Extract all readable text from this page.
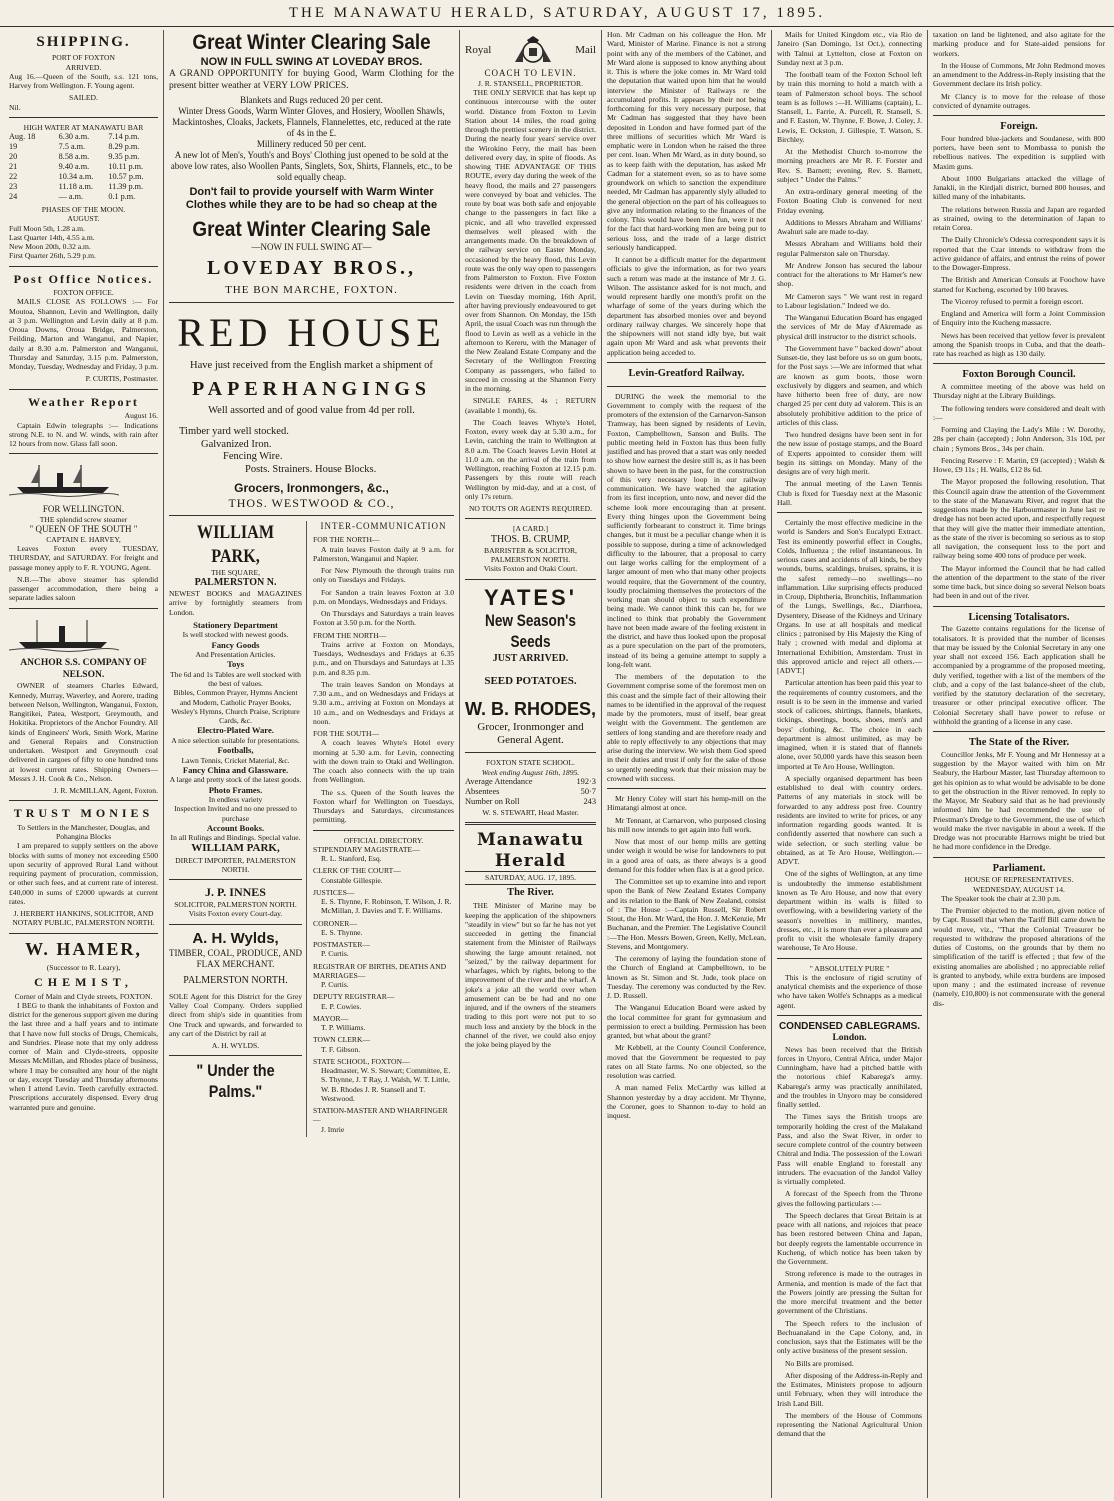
THE MANAWATU HERALD, SATURDAY, AUGUST 17, 1895.
SHIPPING.
PORT OF FOXTON
ARRIVED.

Aug 16.—Queen of the South, s.s. 121 tons, Harvey from Wellington. F. Young agent.

SAILED.

Nil.

HIGH WATER AT MANAWATU BAR
Aug. 18	6.30 a.m.	7.14 p.m.
19	7.5 a.m.	8.29 p.m.
20	8.58 a.m.	9.35 p.m.
21	9.40 a.m.	10.11 p.m.
22	10.34 a.m.	10.57 p.m.
23	11.18 a.m.	11.39 p.m.
24	— a.m.	0.1 p.m.
PHASES OF THE MOON.
AUGUST.
Full Moon 5th, 1.28 a.m.
Last Quarter 14th, 4.55 a.m.
New Moon 20th, 0.32 a.m.
First Quarter 26th, 5.29 p.m.
Post Office Notices.
FOXTON OFFICE.

MAILS CLOSE AS FOLLOWS :— For Moutoa, Shannon, Levin and Wellington, daily at 3 p.m. Wellington and Levin daily at 8 p.m. Oroua Downs, Oroua Bridge, Palmerston, Feilding, Marton and Wanganui, and Napier, daily at 8.30 a.m. Palmerston and Wanganui, Thursday and Saturday, 3.15 p.m. Palmerston, Monday, Tuesday, Wednesday and Friday, 3 p.m.

P. CURTIS, Postmaster.
Weather Report
August 16.

Captain Edwin telegraphs :— Indications strong N.E. to N. and W. winds, with rain after 12 hours from now. Glass fall soon.

FOR WELLINGTON.
THE splendid screw steamer
" QUEEN OF THE SOUTH "
CAPTAIN E. HARVEY,

Leaves Foxton every TUESDAY, THURSDAY, and SATURDAY. For freight and passage money apply to F. R. YOUNG, Agent.

N.B.—The above steamer has splendid passenger accommodation, there being a separate ladies saloon

ANCHOR S.S. COMPANY OF NELSON.

OWNER of steamers Charles Edward, Kennedy, Murray, Waverley, and Aorere, trading between Nelson, Wellington, Wanganui, Foxton, Rangitikei, Patea, Westport, Greymouth, and Hokitika. Proprietors of the Anchor Foundry. All kinds of Engineers' Work, Smith Work, Marine and General Repairs and Construction undertaken. Westport and Greymouth coal delivered in cargoes of fifty to one hundred tons at lowest current rates. Shipping Owners— Messrs J. H. Cook & Co., Nelson.

J. R. McMILLAN, Agent, Foxton.
TRUST MONIES
To Settlers in the Manchester, Douglas, and Pohangina Blocks

I am prepared to supply settlers on the above blocks with sums of money not exceeding £500 upon security of approved Rural Land without requiring payment of procuration, commission, or other such fees, and at current rate of interest. £40,000 in sums of £2000 upwards at current rates.

J. HERBERT HANKINS, SOLICITOR, AND NOTARY PUBLIC, PALMERSTON NORTH.
W. HAMER,
(Successor to R. Leary),
CHEMIST,
Corner of Main and Clyde streets, FOXTON.

I BEG to thank the inhabitants of Foxton and district for the generous support given me during the last three and a half years and to intimate that I have now full stocks of Drugs, Chemicals, and Sundries. Please note that my only address corner of Main and Clyde-streets, opposite Messrs McMillan, and Rhodes place of business, where I may be consulted any hour of the night or day, except Tuesday and Thursday afternoons when I attend Levin. Teeth carefully extracted. Prescriptions accurately dispensed. Every drug warranted pure and genuine.

Great Winter Clearing Sale
NOW IN FULL SWING AT LOVEDAY BROS.

A GRAND OPPORTUNITY for buying Good, Warm Clothing for the present bitter weather at VERY LOW PRICES.

Blankets and Rugs reduced 20 per cent.
Winter Dress Goods, Warm Winter Gloves, and Hosiery, Woollen Shawls, Mackintoshes, Cloaks, Jackets, Flannels, Flannelettes, etc, reduced at the rate of 4s in the £.
Millinery reduced 50 per cent.
A new lot of Men's, Youth's and Boys' Clothing just opened to be sold at the above low rates, also Woollen Pants, Singlets, Sox, Shirts, Flannels, etc., to be sold equally cheap.
Don't fail to provide yourself with Warm Winter Clothes while they are to be had so cheap at the
Great Winter Clearing Sale
—NOW IN FULL SWING AT—
LOVEDAY BROS.,
THE BON MARCHE, FOXTON.
RED HOUSE
Have just received from the English market a shipment of
PAPERHANGINGS
Well assorted and of good value from 4d per roll.
Timber yard well stocked.
Galvanized Iron.
Fencing Wire.
Posts. Strainers. House Blocks.
Grocers, Ironmongers, &c.,
THOS. WESTWOOD & CO.,
WILLIAM PARK,
THE SQUARE,
PALMERSTON N.

NEWEST BOOKS and MAGAZINES arrive by fortnightly steamers from London.

Stationery Department
Is well stocked with newest goods.
Fancy Goods
And Presentation Articles.
Toys
The 6d and 1s Tables are well stocked with the best of values.
Bibles, Common Prayer, Hymns Ancient and Modern, Catholic Prayer Books, Wesley's Hymns, Church Praise, Scripture Cards, &c.
Electro-Plated Ware.
A nice selection suitable for presentations.
Footballs,
Lawn Tennis, Cricket Material, &c.
Fancy China and Glassware.
A large and pretty stock of the latest goods.
Photo Frames.
In endless variety
Inspection Invited and no one pressed to purchase
Account Books.
In all Rulings and Bindings. Special value.
WILLIAM PARK,
DIRECT IMPORTER, PALMERSTON NORTH.
J. P. INNES
SOLICITOR, PALMERSTON NORTH. Visits Foxton every Court-day.
A. H. Wylds,
TIMBER, COAL, PRODUCE, AND FLAX MERCHANT.
PALMERSTON NORTH.

SOLE Agent for this District for the Grey Valley Coal Company. Orders supplied direct from ship's side in quantities from One Truck and upwards, and forwarded to any cart of the District by rail at

A. H. WYLDS.
" Under the Palms."
INTER-COMMUNICATION
FOR THE NORTH—

A train leaves Foxton daily at 9 a.m. for Palmerston, Wanganui and Napier.

For New Plymouth the through trains run only on Tuesdays and Fridays.

For Sandon a train leaves Foxton at 3.0 p.m. on Mondays, Wednesdays and Fridays.

On Thursdays and Saturdays a train leaves Foxton at 3.50 p.m. for the North.

FROM THE NORTH—

Trains arrive at Foxton on Mondays, Tuesdays, Wednesdays and Fridays at 6.35 p.m., and on Thursdays and Saturdays at 1.35 p.m. and 8.35 p.m.

The train leaves Sandon on Mondays at 7.30 a.m., and on Wednesdays and Fridays at 9.30 a.m., arriving at Foxton on Mondays at 10 a.m., and on Wednesdays and Fridays at noon.

FOR THE SOUTH—

A coach leaves Whyte's Hotel every morning at 5.30 a.m. for Levin, connecting with the down train to Otaki and Wellington. The coach also connects with the up train from Wellington.

The s.s. Queen of the South leaves the Foxton wharf for Wellington on Tuesdays, Thursdays and Saturdays, circumstances permitting.

OFFICIAL DIRECTORY.
STIPENDIARY MAGISTRATE—
R. L. Stanford, Esq.
CLERK OF THE COURT—
Constable Gillespie.
JUSTICES—
E. S. Thynne, F. Robinson, T. Wilson, J. R. McMillan, J. Davies and T. F. Williams.
CORONER—
E. S. Thynne.
POSTMASTER—
P. Curtis.
REGISTRAR OF BIRTHS, DEATHS AND MARRIAGES—
P. Curtis.
DEPUTY REGISTRAR—
E. P. Cowies.
MAYOR—
T. P. Williams.
TOWN CLERK—
T. F. Gibson.
STATE SCHOOL, FOXTON—
Headmaster, W. S. Stewart; Committee, E. S. Thynne, J. T Ray, J. Walsh, W. T. Little, W. B. Rhodes J. R. Stansell and T. Westwood.
STATION-MASTER AND WHARFINGER—
J. Imrie
Royal	Mail
COACH TO LEVIN.
J. R. STANSELL, PROPRIETOR.

THE ONLY SERVICE that has kept up continuous intercourse with the outer world. Distance from Foxton to Levin Station about 14 miles, the road going through the prettiest scenery in the district. During the nearly four years' service over the Wirokino Ferry, the mail has been delivered every day, in spite of floods. As showing THE ADVANTAGE OF THIS ROUTE, every day during the week of the heavy flood, the mails and 27 passengers were conveyed by boat and vehicles. The route by boat was both safe and enjoyable change to the passengers in fact like a picnic, and all who travelled expressed themselves well pleased with the arrangements made. On the breakdown of the railway service on Easter Monday, occasioned by the heavy flood, this Levin route was the only way open to passengers from Palmerston to Foxton. Five Foxton residents were driven in the coach from Levin on Tuesday morning, 16th April, after having previously endeavoured to get over from Shannon. On Monday, the 15th April, the usual Coach was run through the flood to Levin as well as a vehicle in the afternoon to Kereru, with the Manager of the New Zealand Estate Company and the Secretary of the Wellington Freezing Company as passengers, who failed to succeed in crossing at the Shannon Ferry in the morning.

SINGLE FARES, 4s ; RETURN (available 1 month), 6s.

The Coach leaves Whyte's Hotel, Foxton, every week day at 5.30 a.m., for Levin, catching the train to Wellington at 8.0 a.m. The Coach leaves Levin Hotel at 11.0 a.m. on the arrival of the train from Wellington, reaching Foxton at 12.15 p.m. Passengers by this route will reach Wellington by mid-day, and at a cost, of only 17s return.

NO TOUTS OR AGENTS REQUIRED.
[A CARD.]
THOS. B. CRUMP,
BARRISTER & SOLICITOR, PALMERSTON NORTH.
Visits Foxton and Otaki Court.
YATES'
New Season's Seeds
JUST ARRIVED.
SEED POTATOES.
W. B. RHODES,
Grocer, Ironmonger and General Agent.
FOXTON STATE SCHOOL.
Week ending August 16th, 1895.
Average Attendance	192·3
Absentees	50·7
Number on Roll	243
W. S. STEWART, Head Master.
Manawatu Herald
SATURDAY, AUG. 17, 1895.
The River.

THE Minister of Marine may be keeping the application of the shipowners "steadily in view" but so far he has not yet succeeded in getting the financial statement from the Minister of Railways showing the large amount retained, not "seized," by the railway department for wharfages, which by rights, belong to the improvement of the river and the wharf. A joke's a joke all the world over when amusement can be be had and no one injured, and if the owners of the steamers trading to this port were not put to so much loss and anxiety by the block in the channel of the river, we could also enjoy the joke being played by the

Hon. Mr Cadman on his colleague the Hon. Mr Ward, Minister of Marine. Finance is not a strong point with any of the members of the Cabinet, and Mr Ward alone is supposed to know anything about it. This is where the joke comes in. Mr Ward told the deputation that waited upon him that he would interview the Minister of Railways re the accumulated profits. It appears by their not being forthcoming for this very necessary purpose, that Mr Cadman has suggested that they have been deposited in London and have formed part of the three millions of securities which Mr Ward is emphatic were in London when he raised the three per cent. loan. When Mr Ward, as in duty bound, so as to keep faith with the deputation, has asked Mr Cadman for a statement even, so as to have some groundwork on which to sanction the expenditure needed, Mr Cadman has apparently slyly alluded to the general objection on the part of his colleagues to give any information relating to the finances of the colony. This would have been fine fun, were it not for the fact that hard-working men are being put to serious loss, and the trade of a large district seriously handicapped.

It cannot be a difficult matter for the department officials to give the information, as for two years such a return was made at the instance of Mr J. G. Wilson. The assistance asked for is not much, and would represent hardly one month's profit on the wharfage of some of the years during which the department has absorbed monies over and beyond ordinary railway charges. We sincerely hope that the shipowners will not stand idly bye, but wait again upon Mr Ward and ask what prevents their application being acceded to.

Levin-Greatford Railway.

DURING the week the memorial to the Government to comply with the request of the promoters of the extension of the Carnarvon-Sanson Tramway, has been signed by residents of Levin, Foxton, Campbelltown, Sanson and Bulls. The public meeting held in Foxton has thus been fully justified and has proved that a start was only needed to show how earnest the desire still is, as it has been shown to have been in the past, for the construction of this very necessary loop in our railway communication. We have watched the agitation from its first inception, unto now, and never did the scheme look more encouraging than at present. Every thing hinges upon the Government being sufficiently forbearant to construct it. Time brings changes, but it must be a peculiar change when it is possible to suppose, during a time of acknowledged difficulty to the labourer, that a proposal to carry out large works calling for the employment of a larger amount of men who that many other projects would require, that the Government of the country, loudly proclaiming themselves the protectors of the working man should object to such expenditure being made. We cannot think this can be, for we inclined to think that probably the Government have not been made aware of the feeling existent in the district, and have thus looked upon the proposal as a pure speculation on the part of the promoters, instead of its being a genuine attempt to supply a long-felt want.

The members of the deputation to the Government comprise some of the foremost men on this coast and the simple fact of their allowing their names to be identified in the approval of the request made by the promoters, must of itself, bear great weight with the Government. The gentlemen are settlers of long standing and are therefore ready and able to reply effectively to any objections that may arise during the interview. We wish them God speed in their duties and trust if only for the sake of those so urgently needing work that their mission may be crowned with success.

Mr Henry Coley will start his hemp-mill on the Himatangi almost at once.

Mr Tennant, at Carnarvon, who purposed closing his mill now intends to get again into full work.

Now that most of our hemp mills are getting under weigh it would be wise for landowners to put in a good area of oats, as there always is a good demand for this fodder when flax is at a good price.

The Committee set up to examine into and report upon the Bank of New Zealand Estates Company and its relation to the Bank of New Zealand, consist of : The House :—Captain Russell, Sir Robert Stout, the Hon. Mr Ward, the Hon. J. McKenzie, Mr Buchanan, and the Premier. The Legislative Council :—The Hon. Messrs Bowen, Green, Kelly, McLean, Stevens, and Montgomery.

The ceremony of laying the foundation stone of the Church of England at Campbelltown, to be known as St. Simon and St. Jude, took place on Tuesday. The ceremony was conducted by the Rev. J. D. Russell.

The Wanganui Education Board were asked by the local committee for grant for gymnasium and permission to erect a building. Permission has been granted, but what about the grant?

Mr Kebbell, at the County Council Conference, moved that the Government be requested to pay rates on all State farms. No one objected, so the resolution was carried.

A man named Felix McCarthy was killed at Shannon yesterday by a dray accident. Mr Thynne, the Coroner, goes to Shannon to-day to hold an inquest.

Mails for United Kingdom etc., via Rio de Janeiro (San Domingo, 1st Oct.), connecting with Talnui at Lyttelton, close at Foxton on Sunday next at 3 p.m.

The football team of the Foxton School left by train this morning to hold a match with a team of Palmerston school boys. The school team is as follows :—H. Williams (captain), L. Stansell, L. Farrie, A. Purcell, R. Stansell, S. and F. Easton, W. Thynne, F. Bowe, J. Coley, J. Lewis, E. Ockston, J. Gillespie, T. Watson, S. Birchley.

At the Methodist Church to-morrow the morning preachers are Mr R. F. Forster and Rev. S. Barnett; evening, Rev. S. Barnett, subject " Under the Palms."

An extra-ordinary general meeting of the Foxton Boating Club is convened for next Friday evening.

Additions to Messrs Abraham and Williams' Awahuri sale are made to-day.

Messrs Abraham and Williams hold their regular Palmerston sale on Thursday.

Mr Andrew Jonson has secured the labour contract for the alterations to Mr Hamer's new shop.

Mr Cameron says " We want rest in regard to Labour legislation." Indeed we do.

The Wanganui Education Board has engaged the services of Mr de May d'Akremade as physical drill instructor to the district schools.

The Government have " backed down" about Sunset-tie, they last before us so on gum boots, for the Post says :—We are informed that what are known as gum boots, those worn exclusively by diggers and seamen, and which have hitherto been free of duty, are now charged 25 per cent duty ad valorem. This is an absolutely prohibitive addition to the price of articles of this class.

Two hundred designs have been sent in for the new issue of postage stamps, and the Board of Experts appointed to consider them will begin its sittings on Monday. Many of the designs are of very high merit.

The annual meeting of the Lawn Tennis Club is fixed for Tuesday next at the Masonic Hall.

Certainly the most effective medicine in the world is Sanders and Son's Eucalypti Extract. Test its eminently powerful effect in Coughs, Colds, Influenza ; the relief instantaneous. In serious cases and accidents of all kinds, be they wounds, burns, scaldings, bruises, sprains, it is the safest remedy—no swellings—no inflammation. Like surprising effects produced in Croup, Diphtheria, Bronchitis, Inflammation of the Lungs, Swellings, &c., Diarrhoea, Dysentery, Disease of the Kidneys and Urinary Organs. In use at all hospitals and medical clinics ; patronised by His Majesty the King of Italy ; crowned with medal and diploma at International Exhibition, Amsterdam. Trust in this approved article and reject all others.—[ADVT.]

Particular attention has been paid this year to the requirements of country customers, and the result is to be seen in the immense and varied stock of calicoes, shirtings, flannels, blankets, tickings, sheetings, boots, shoes, men's and boys' clothing, &c. The choice in each department is almost unlimited, as may be imagined, when it is stated that of flannels alone, over 50,000 yards have this season been imported at Te Aro House, Wellington.

A specially organised department has been established to deal with country orders. Patterns of any materials in stock will be forwarded to any address post free. Country residents are invited to write for prices, or any information regarding goods wanted. It is confidently asserted that nowhere can such a wide selection, or such sterling value be obtained, as at Te Aro House, Wellington.—ADVT.

One of the sights of Wellington, at any time is undoubtedly the immense establishment known as Te Aro House, and now that every department within its walls is filled to overflowing, with a bewildering variety of the season's novelties in millinery, mantles, dresses, etc., it is more than ever a pleasure and profit to visit the wholesale family drapery warehouse, Te Aro House.

" ABSOLUTELY PURE "

This is the enclosure of rigid scrutiny of analytical chemists and the experience of those who have taken Wolfe's Schnapps as a medical agent.

CONDENSED CABLEGRAMS.
London.

News has been received that the British forces in Unyoro, Central Africa, under Major Cunningham, have had a pitched battle with the notorious chief Kabarega's army. Kabarega's army was practically annihilated, and the troubles in Unyoro may be considered finally settled.

The Times says the British troops are temporarily holding the crest of the Malakand Pass, and also the Swat River, in order to secure complete control of the country between Chitral and India. The possession of the Lowari Pass will enable England to forestall any intruders. The evacuation of the Jandol Valley is virtually completed.

A forecast of the Speech from the Throne gives the following particulars :—

The Speech declares that Great Britain is at peace with all nations, and rejoices that peace has been restored between China and Japan, but deeply regrets the lamentable occurrence in Kucheng, of which notice has been taken by the Government.

Strong reference is made to the outrages in Armenia, and mention is made of the fact that the Powers jointly are pressing the Sultan for the more merciful treatment and the better government of the Christians.

The Speech refers to the inclusion of Bechuanaland in the Cape Colony, and, in conclusion, says that the Estimates will be the only active business of the present session.

No Bills are promised.

After disposing of the Address-in-Reply and the Estimates, Ministers propose to adjourn until February, when they will introduce the Irish Land Bill.

The members of the House of Commons representing the National Agricultural Union demand that the

taxation on land be lightened, and also agitate for the marking produce and for State-aided pensions for workers.

In the House of Commons, Mr John Redmond moves an amendment to the Address-in-Reply insisting that the Government declare its Irish policy.

Mr Clancy is to move for the release of those convicted of dynamite outrages.

Foreign.

Four hundred blue-jackets and Soudanese, with 800 porters, have been sent to Mombassa to punish the rebellious natives. The expedition is supplied with Maxim guns.

About 1000 Bulgarians attacked the village of Janakli, in the Kirdjali district, burned 800 houses, and killed many of the inhabitants.

The relations between Russia and Japan are regarded as strained, owing to the determination of Japan to retain Corea.

The Daily Chronicle's Odessa correspondent says it is reported that the Czar intends to withdraw from the active guidance of affairs, and entrust the reins of power to the Dowager-Empress.

The British and American Consuls at Foochow have started for Kucheng, escorted by 100 braves.

The Viceroy refused to permit a foreign escort.

England and America will form a Joint Commission of Enquiry into the Kucheng massacre.

News has been received that yellow fever is prevalent among the Spanish troops in Cuba, and that the death-rate has reached as high as 130 daily.

Foxton Borough Council.

A committee meeting of the above was held on Thursday night at the Library Buildings.

The following tenders were considered and dealt with :—

Forming and Claying the Lady's Mile : W. Dorothy, 28s per chain (accepted) ; John Anderson, 31s 10d, per chain ; Symons Bros., 34s per chain.

Fencing Reserve : F. Martin, £9 (accepted) ; Walsh & Howe, £9 11s ; H. Walls, £12 8s 6d.

The Mayor proposed the following resolution, That this Council again draw the attention of the Government to the state of the Manawatu River, and regret that the suggestions made by the Harbourmaster in June last re dredge has not been acted upon, and respectfully request that they will give the matter their immediate attention, as the state of the river is becoming so serious as to stop all navigation, the consequent loss to the port and railway being some 400 tons of produce per week.

The Mayor informed the Council that he had called the attention of the department to the state of the river some time back, but since doing so several Nelson boats had been in and out of the river.

Licensing Totalisators.

The Gazette contains regulations for the license of totalisators. It is provided that the number of licenses that may be issued by the Colonial Secretary in any one year shall not exceed 156. Each application shall be accompanied by a programme of the proposed meeting, duly verified, together with a list of the members of the club, and a copy of the last balance-sheet of the club, verified by the statutory declaration of the secretary, treasurer or other principal executive officer. The Colonial Secretary shall have power to refuse or withhold the granting of a license in any case.

The State of the River.

Councillor Jenks, Mr F. Young and Mr Hennessy at a suggestion by the Mayor waited with him on Mr Seabury, the Harbour Master, last Thursday afternoon to get his opinion as to what would be advisable to be done to get the obstruction in the River removed. In reply to the Mayor, Mr Seabury said that as he had previously informed him he had recommended the use of Priestman's Dredge to the Government, the use of which would make the river navigable in about a week. If the Dredge was not procurable Harrows might be tried but he had more confidence in the Dredge.

Parliament.
HOUSE OF REPRESENTATIVES.
WEDNESDAY, AUGUST 14.

The Speaker took the chair at 2.30 p.m.

The Premier objected to the motion, given notice of by Capt. Russell that when the Tariff Bill came down he would move, viz., "That the Colonial Treasurer be requested to withdraw the proposed alterations of the duties of Customs, on the grounds that by them no simplification of the tariff is effected ; that few of the existing anomalies are abolished ; no appreciable relief is granted to anybody, while extra burdens are imposed upon many ; and the estimated increase of revenue (namely, £10,800) is not commensurate with the general dis-
